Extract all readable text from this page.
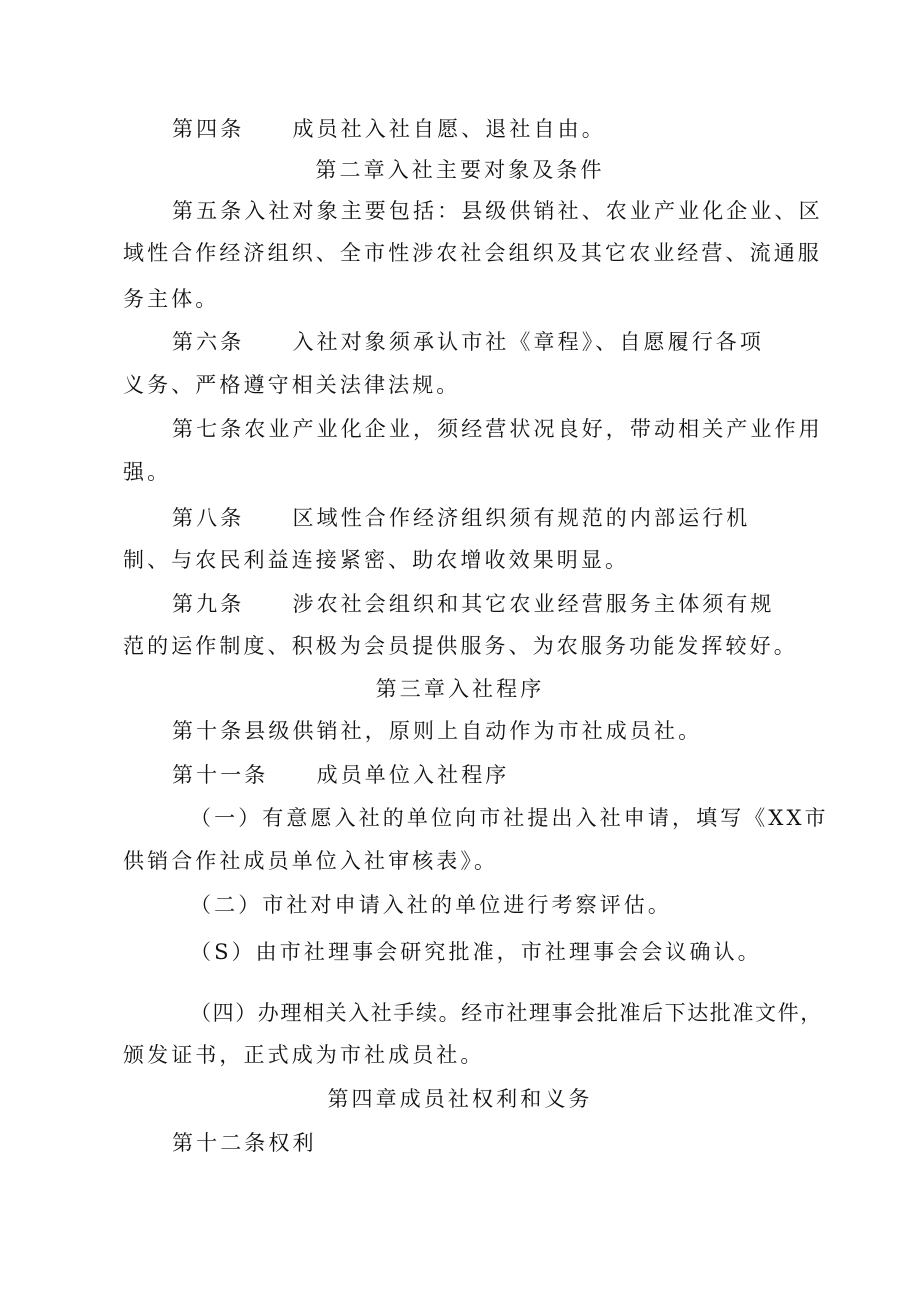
第四条　　成员社入社自愿、退社自由。
第二章入社主要对象及条件
第五条入社对象主要包括：县级供销社、农业产业化企业、区
域性合作经济组织、全市性涉农社会组织及其它农业经营、流通服
务主体。
第六条　　入社对象须承认市社《章程》、自愿履行各项
义务、严格遵守相关法律法规。
第七条农业产业化企业，须经营状况良好，带动相关产业作用
强。
第八条　　区域性合作经济组织须有规范的内部运行机
制、与农民利益连接紧密、助农增收效果明显。
第九条　　涉农社会组织和其它农业经营服务主体须有规
范的运作制度、积极为会员提供服务、为农服务功能发挥较好。
第三章入社程序
第十条县级供销社，原则上自动作为市社成员社。
第十一条　　成员单位入社程序
（一）有意愿入社的单位向市社提出入社申请，填写《XX市
供销合作社成员单位入社审核表》。
（二）市社对申请入社的单位进行考察评估。
（S）由市社理事会研究批准，市社理事会会议确认。
（四）办理相关入社手续。经市社理事会批准后下达批准文件，
颁发证书，正式成为市社成员社。
第四章成员社权利和义务
第十二条权利
